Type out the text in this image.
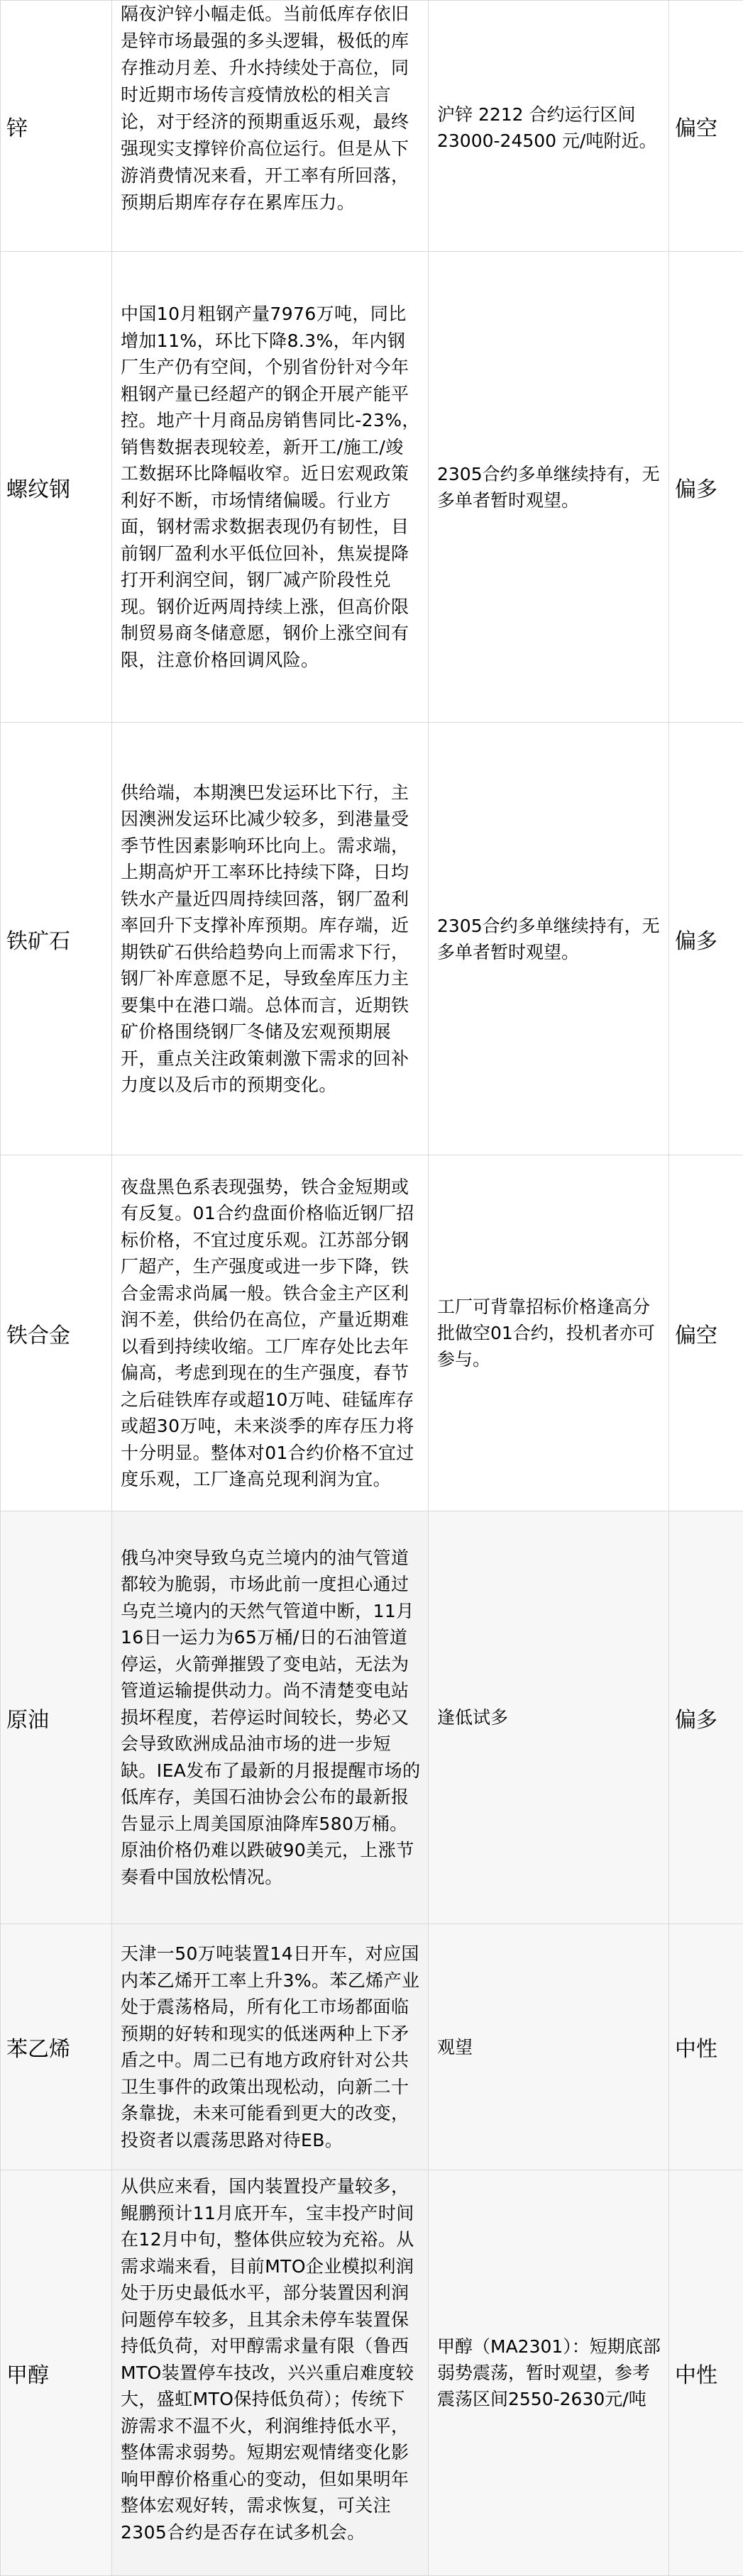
锌	隔夜沪锌小幅走低。当前低库存依旧是锌市场最强的多头逻辑，极低的库存推动月差、升水持续处于高位，同时近期市场传言疫情放松的相关言论，对于经济的预期重返乐观，最终强现实支撑锌价高位运行。但是从下游消费情况来看，开工率有所回落，预期后期库存存在累库压力。	沪锌 2212 合约运行区间23000-24500 元/吨附近。	偏空
螺纹钢	中国10月粗钢产量7976万吨，同比增加11%，环比下降8.3%，年内钢厂生产仍有空间，个别省份针对今年粗钢产量已经超产的钢企开展产能平控。地产十月商品房销售同比-23%，销售数据表现较差，新开工/施工/竣工数据环比降幅收窄。近日宏观政策利好不断，市场情绪偏暖。行业方面，钢材需求数据表现仍有韧性，目前钢厂盈利水平低位回补，焦炭提降打开利润空间，钢厂减产阶段性兑现。钢价近两周持续上涨，但高价限制贸易商冬储意愿，钢价上涨空间有限，注意价格回调风险。	2305合约多单继续持有，无多单者暂时观望。	偏多
铁矿石	供给端，本期澳巴发运环比下行，主因澳洲发运环比减少较多，到港量受季节性因素影响环比向上。需求端，上期高炉开工率环比持续下降，日均铁水产量近四周持续回落，钢厂盈利率回升下支撑补库预期。库存端，近期铁矿石供给趋势向上而需求下行，钢厂补库意愿不足，导致垒库压力主要集中在港口端。总体而言，近期铁矿价格围绕钢厂冬储及宏观预期展开，重点关注政策刺激下需求的回补力度以及后市的预期变化。	2305合约多单继续持有，无多单者暂时观望。	偏多
铁合金	夜盘黑色系表现强势，铁合金短期或有反复。01合约盘面价格临近钢厂招标价格，不宜过度乐观。江苏部分钢厂超产，生产强度或进一步下降，铁合金需求尚属一般。铁合金主产区利润不差，供给仍在高位，产量近期难以看到持续收缩。工厂库存处比去年偏高，考虑到现在的生产强度，春节之后硅铁库存或超10万吨、硅锰库存或超30万吨，未来淡季的库存压力将十分明显。整体对01合约价格不宜过度乐观，工厂逢高兑现利润为宜。	工厂可背靠招标价格逢高分批做空01合约，投机者亦可参与。	偏空
原油	俄乌冲突导致乌克兰境内的油气管道都较为脆弱，市场此前一度担心通过乌克兰境内的天然气管道中断，11月16日一运力为65万桶/日的石油管道停运，火箭弹摧毁了变电站，无法为管道运输提供动力。尚不清楚变电站损坏程度，若停运时间较长，势必又会导致欧洲成品油市场的进一步短缺。IEA发布了最新的月报提醒市场的低库存，美国石油协会公布的最新报告显示上周美国原油降库580万桶。原油价格仍难以跌破90美元，上涨节奏看中国放松情况。	逢低试多	偏多
苯乙烯	天津一50万吨装置14日开车，对应国内苯乙烯开工率上升3%。苯乙烯产业处于震荡格局，所有化工市场都面临预期的好转和现实的低迷两种上下矛盾之中。周二已有地方政府针对公共卫生事件的政策出现松动，向新二十条靠拢，未来可能看到更大的改变，投资者以震荡思路对待EB。	观望	中性
甲醇	从供应来看，国内装置投产量较多，鲲鹏预计11月底开车，宝丰投产时间在12月中旬，整体供应较为充裕。从需求端来看，目前MTO企业模拟利润处于历史最低水平，部分装置因利润问题停车较多，且其余未停车装置保持低负荷，对甲醇需求量有限（鲁西MTO装置停车技改，兴兴重启难度较大，盛虹MTO保持低负荷）；传统下游需求不温不火，利润维持低水平，整体需求弱势。短期宏观情绪变化影响甲醇价格重心的变动，但如果明年整体宏观好转，需求恢复，可关注2305合约是否存在试多机会。	甲醇（MA2301）：短期底部弱势震荡，暂时观望，参考震荡区间2550-2630元/吨	中性
